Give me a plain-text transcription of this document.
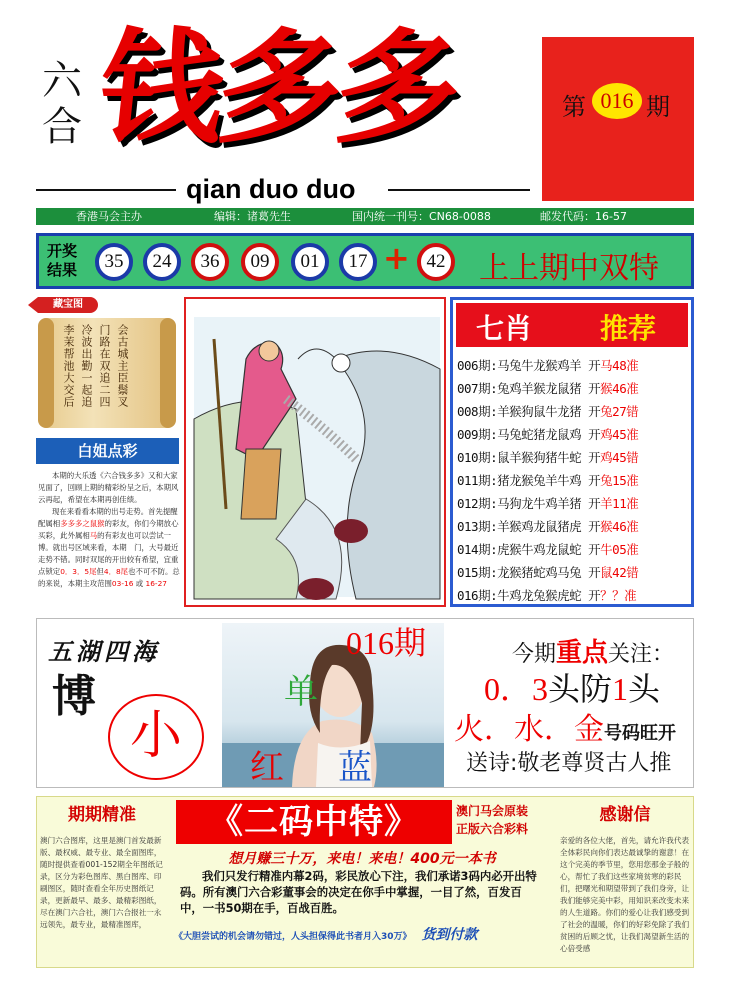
六合 钱多多
qian duo duo
第 016 期
香港马会主办	编辑：诸葛先生	国内统一刊号：CN68-0088	邮发代码：16-57
开奖
结果	35	24	36	09	01	17 + 42	上上期中双特
藏宝图
李茉帮池大交后 冷波出勤一起追 门路在双追二四 会古城主臣鬃叉
白姐点彩

本期的大乐透《六合钱多多》又和大家见面了，回顾上期的精彩纷呈之后，本期风云再起，希望在本期再创佳绩。

现在来看看本期的出号走势。首先提醒配属相多多多之鼠猴的彩友，你们今期放心买彩，此外属相马的有彩友也可以尝试一博。就出号区域来看，本期　门，大号最近走势不错。同时双尾的开出较有希望，宜重点锁定0．3．5尾但4．8尾也不可不防。总的来说，本期主攻范围03-16 或 16-27

七肖 推荐
006期:马兔牛龙猴鸡羊 开马48准
007期:兔鸡羊猴龙鼠猪 开猴46准
008期:羊猴狗鼠牛龙猪 开兔27错
009期:马兔蛇猪龙鼠鸡 开鸡45准
010期:鼠羊猴狗猪牛蛇 开鸡45错
011期:猪龙猴兔羊牛鸡 开兔15准
012期:马狗龙牛鸡羊猪 开羊11准
013期:羊猴鸡龙鼠猪虎 开猴46准
014期:虎猴牛鸡龙鼠蛇 开牛05准
015期:龙猴猪蛇鸡马兔 开鼠42错
016期:牛鸡龙兔猴虎蛇 开？？准
五湖四海
博
小
016期
单
红 蓝
今期重点关注：
0．3头防1头
火．水．金号码旺开
送诗:敬老尊贤古人推
期期精准
澳门六合图库，这里是澳门首发最新版、最权威、最专业、最全面图库，随时提供查看001-152期全年图纸记录，区分为彩色图库、黑白图库、印刷图区，随时查看全年历史图纸记录，更新最早、最多、最精彩图纸，尽在澳门六合社，澳门六合报社一永远领先，最专业，最精准图库，
《二码中特》	澳门马会原装
正版六合彩料
想月赚三十万，来电！来电！400元一本书
我们只发行精准内幕2码，彩民放心下注，我们承诺3码内必开出特码。所有澳门六合彩董事会的决定在你手中掌握，一目了然，百发百中，一书50期在手，百战百胜。
《大胆尝试的机会请勿错过，人头担保得此书者月入30万》 货到付款
感谢信
亲爱的各位大佬，首先，请允许我代表全体彩民向你们表达最诚挚的谢意！在这个完美的季节里，您用您那金子般的心，帮忙了我们这些家境贫寒的彩民们，把曙光和期望带到了我们身旁，让我们能够完美中彩，用知识来改变未来的人生道路。你们的爱心让我们感受到了社会的温暖，你们的好彩免除了我们贫困的后顾之忧，让我们渴望新生活的心倍受感
